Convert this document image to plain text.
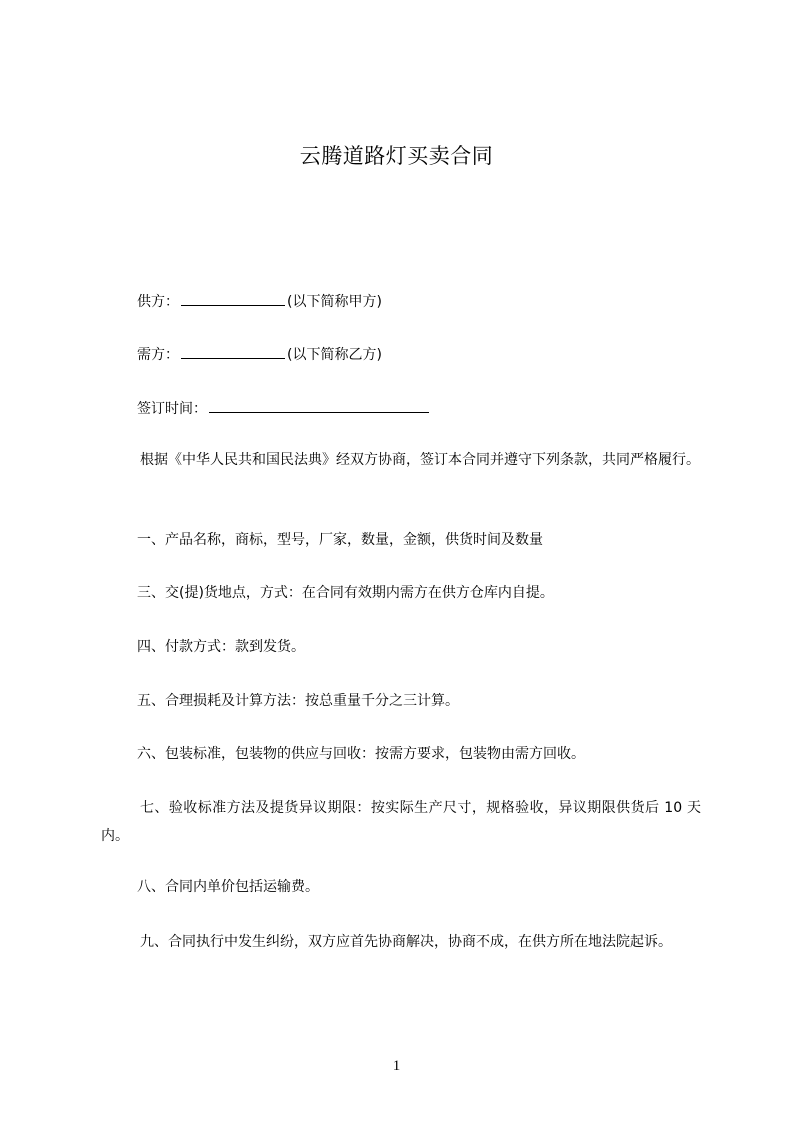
云腾道路灯买卖合同
供方：	(以下简称甲方)
需方：	(以下简称乙方)
签订时间：
根据《中华人民共和国民法典》经双方协商，签订本合同并遵守下列条款，共同严格履行。
一、产品名称，商标，型号，厂家，数量，金额，供货时间及数量
三、交(提)货地点，方式：在合同有效期内需方在供方仓库内自提。
四、付款方式：款到发货。
五、合理损耗及计算方法：按总重量千分之三计算。
六、包装标准，包装物的供应与回收：按需方要求，包装物由需方回收。
七、验收标准方法及提货异议期限：按实际生产尺寸，规格验收，异议期限供货后 10 天内。
八、合同内单价包括运输费。
九、合同执行中发生纠纷，双方应首先协商解决，协商不成，在供方所在地法院起诉。
1
